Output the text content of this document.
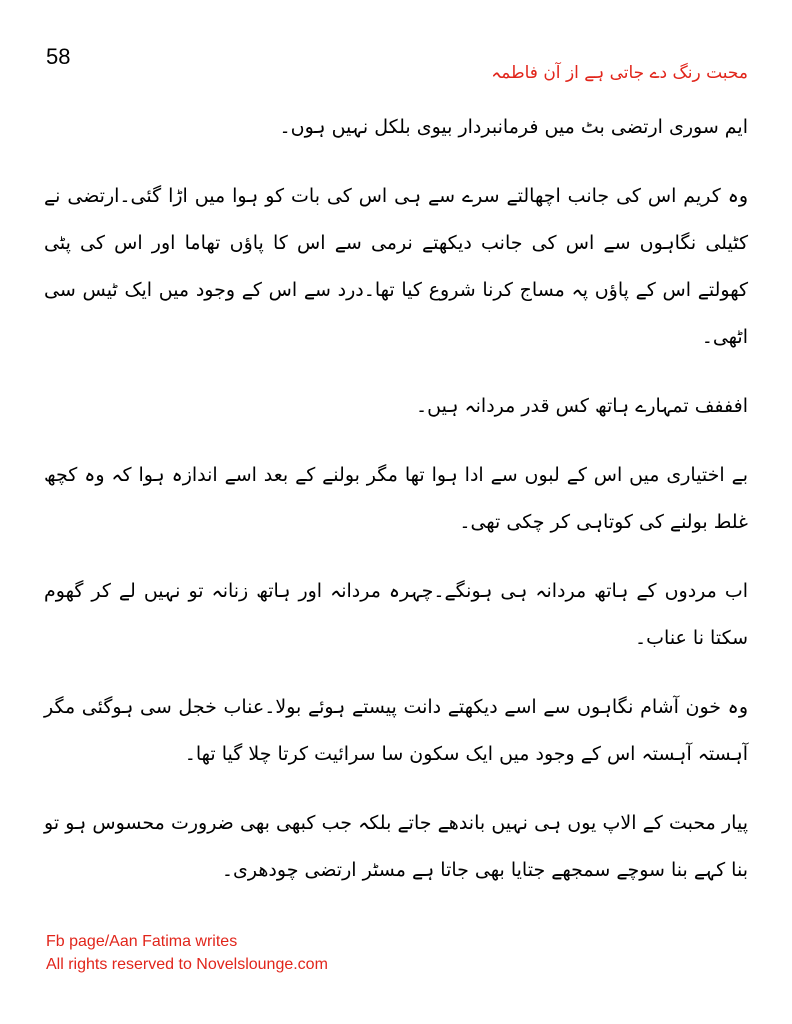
58
محبت رنگ دے جاتی ہے از آن فاطمہ

ایم سوری ارتضی بٹ میں فرمانبردار بیوی بلکل نہیں ہوں۔

وہ کریم اس کی جانب اچھالتے سرے سے ہی اس کی بات کو ہوا میں اڑا گئی۔ارتضی نے کٹیلی نگاہوں سے اس کی جانب دیکھتے نرمی سے اس کا پاؤں تھاما اور اس کی پٹی کھولتے اس کے پاؤں پہ مساج کرنا شروع کیا تھا۔درد سے اس کے وجود میں ایک ٹیس سی اٹھی۔

افففف تمہارے ہاتھ کس قدر مردانہ ہیں۔

بے اختیاری میں اس کے لبوں سے ادا ہوا تھا مگر بولنے کے بعد اسے اندازہ ہوا کہ وہ کچھ غلط بولنے کی کوتاہی کر چکی تھی۔

اب مردوں کے ہاتھ مردانہ ہی ہونگے۔چہرہ مردانہ اور ہاتھ زنانہ تو نہیں لے کر گھوم سکتا نا عناب۔

وہ خون آشام نگاہوں سے اسے دیکھتے دانت پیستے ہوئے بولا۔عناب خجل سی ہوگئی مگر آہستہ آہستہ اس کے وجود میں ایک سکون سا سرائیت کرتا چلا گیا تھا۔

پیار محبت کے الاپ یوں ہی نہیں باندھے جاتے بلکہ جب کبھی بھی ضرورت محسوس ہو تو بنا کہے بنا سوچے سمجھے جتایا بھی جاتا ہے مسٹر ارتضی چودھری۔

Fb page/Aan Fatima writes
All rights reserved to Novelslounge.com
